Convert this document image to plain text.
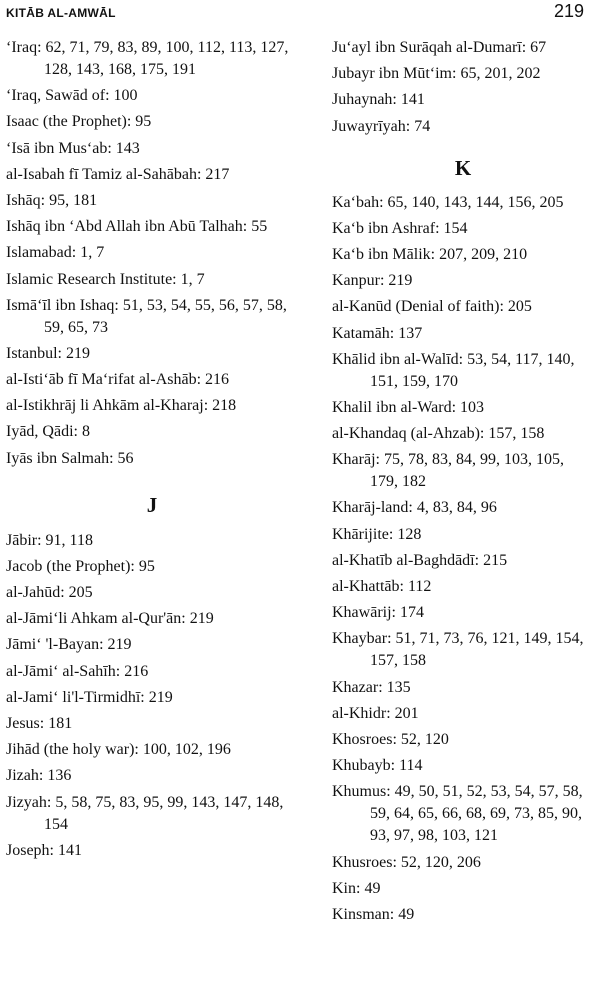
KITĀB AL-AMWĀL	219
ʻIraq: 62, 71, 79, 83, 89, 100, 112, 113, 127, 128, 143, 168, 175, 191
ʻIraq, Sawād of: 100
Isaac (the Prophet): 95
ʻIsā ibn Musʻab: 143
al-Isabah fī Tamiz al-Sahābah: 217
Ishāq: 95, 181
Ishāq ibn ʻAbd Allah ibn Abū Talhah: 55
Islamabad: 1, 7
Islamic Research Institute: 1, 7
Ismāʻīl ibn Ishaq: 51, 53, 54, 55, 56, 57, 58, 59, 65, 73
Istanbul: 219
al-Istiʻāb fī Maʻrifat al-Ashāb: 216
al-Istikhrāj li Ahkām al-Kharaj: 218
Iyād, Qādi: 8
Iyās ibn Salmah: 56
J
Jābir: 91, 118
Jacob (the Prophet): 95
al-Jahūd: 205
al-Jāmiʻli Ahkam al-Qur'ān: 219
Jāmiʻ 'l-Bayan: 219
al-Jāmiʻ al-Sahīh: 216
al-Jamiʻ li'l-Tirmidhī: 219
Jesus: 181
Jihād (the holy war): 100, 102, 196
Jizah: 136
Jizyah: 5, 58, 75, 83, 95, 99, 143, 147, 148, 154
Joseph: 141
Juʻayl ibn Surāqah al-Dumarī: 67
Jubayr ibn Mūtʻim: 65, 201, 202
Juhaynah: 141
Juwayrīyah: 74
K
Kaʻbah: 65, 140, 143, 144, 156, 205
Kaʻb ibn Ashraf: 154
Kaʻb ibn Mālik: 207, 209, 210
Kanpur: 219
al-Kanūd (Denial of faith): 205
Katamāh: 137
Khālid ibn al-Walīd: 53, 54, 117, 140, 151, 159, 170
Khalil ibn al-Ward: 103
al-Khandaq (al-Ahzab): 157, 158
Kharāj: 75, 78, 83, 84, 99, 103, 105, 179, 182
Kharāj-land: 4, 83, 84, 96
Khārijite: 128
al-Khatīb al-Baghdādī: 215
al-Khattāb: 112
Khawārij: 174
Khaybar: 51, 71, 73, 76, 121, 149, 154, 157, 158
Khazar: 135
al-Khidr: 201
Khosroes: 52, 120
Khubayb: 114
Khumus: 49, 50, 51, 52, 53, 54, 57, 58, 59, 64, 65, 66, 68, 69, 73, 85, 90, 93, 97, 98, 103, 121
Khusroes: 52, 120, 206
Kin: 49
Kinsman: 49
